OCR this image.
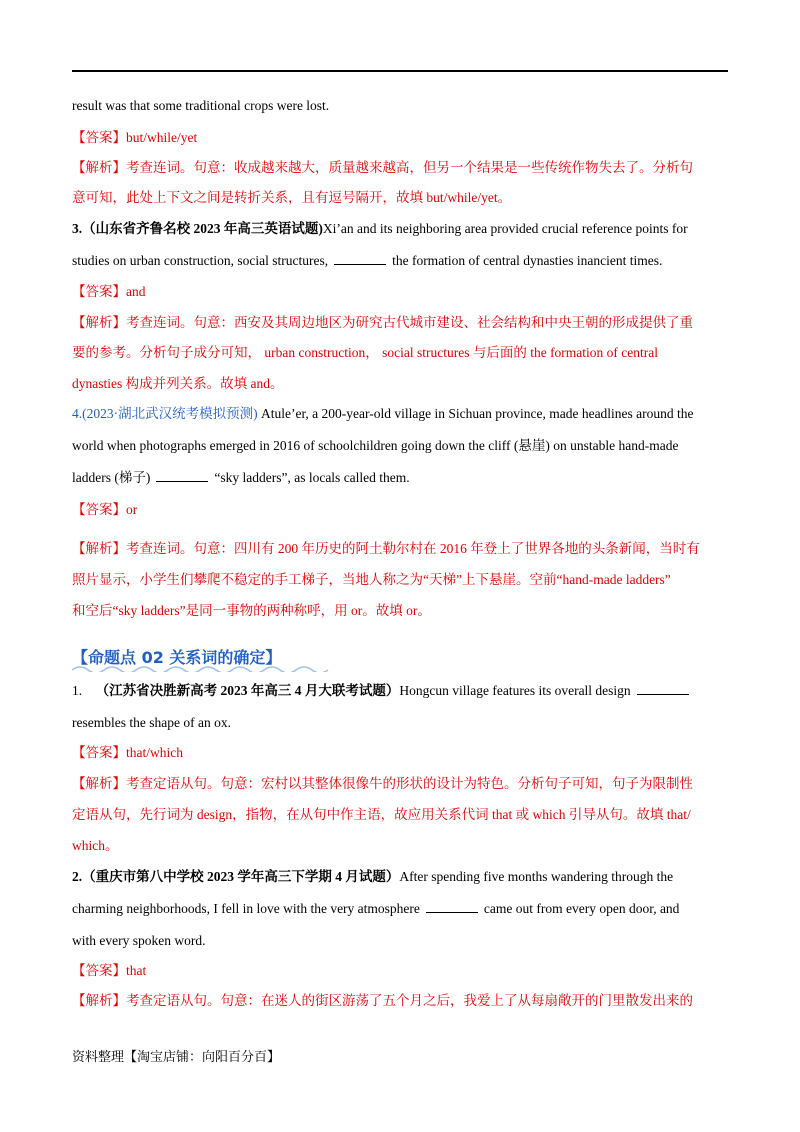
result was that some traditional crops were lost.
【答案】but/while/yet
【解析】考查连词。句意：收成越来越大，质量越来越高，但另一个结果是一些传统作物失去了。分析句
意可知，此处上下文之间是转折关系，且有逗号隔开，故填 but/while/yet。
3.（山东省齐鲁名校 2023 年高三英语试题)Xi’an and its neighboring area provided crucial reference points for
studies on urban construction, social structures,	the formation of central dynasties inancient times.
【答案】and
【解析】考查连词。句意：西安及其周边地区为研究古代城市建设、社会结构和中央王朝的形成提供了重
要的参考。分析句子成分可知， urban construction， social structures 与后面的 the formation of central
dynasties 构成并列关系。故填 and。
4.(2023·湖北武汉统考模拟预测) Atule’er, a 200-year-old village in Sichuan province, made headlines around the
world when photographs emerged in 2016 of schoolchildren going down the cliff (悬崖) on unstable hand-made
ladders (梯子)	“sky ladders”, as locals called them.
【答案】or
【解析】考查连词。句意：四川有 200 年历史的阿土勒尔村在 2016 年登上了世界各地的头条新闻，当时有
照片显示，小学生们攀爬不稳定的手工梯子，当地人称之为“天梯”上下悬崖。空前“hand-made ladders”
和空后“sky ladders”是同一事物的两种称呼，用 or。故填 or。
【命题点 02 关系词的确定】
1. （江苏省决胜新高考 2023 年高三 4 月大联考试题）Hongcun village features its overall design
resembles the shape of an ox.
【答案】that/which
【解析】考查定语从句。句意：宏村以其整体很像牛的形状的设计为特色。分析句子可知，句子为限制性
定语从句，先行词为 design，指物，在从句中作主语，故应用关系代词 that 或 which 引导从句。故填 that/
which。
2.（重庆市第八中学校 2023 学年高三下学期 4 月试题）After spending five months wandering through the
charming neighborhoods, I fell in love with the very atmosphere	came out from every open door, and
with every spoken word.
【答案】that
【解析】考查定语从句。句意：在迷人的街区游荡了五个月之后，我爱上了从每扇敞开的门里散发出来的
资料整理【淘宝店铺：向阳百分百】
